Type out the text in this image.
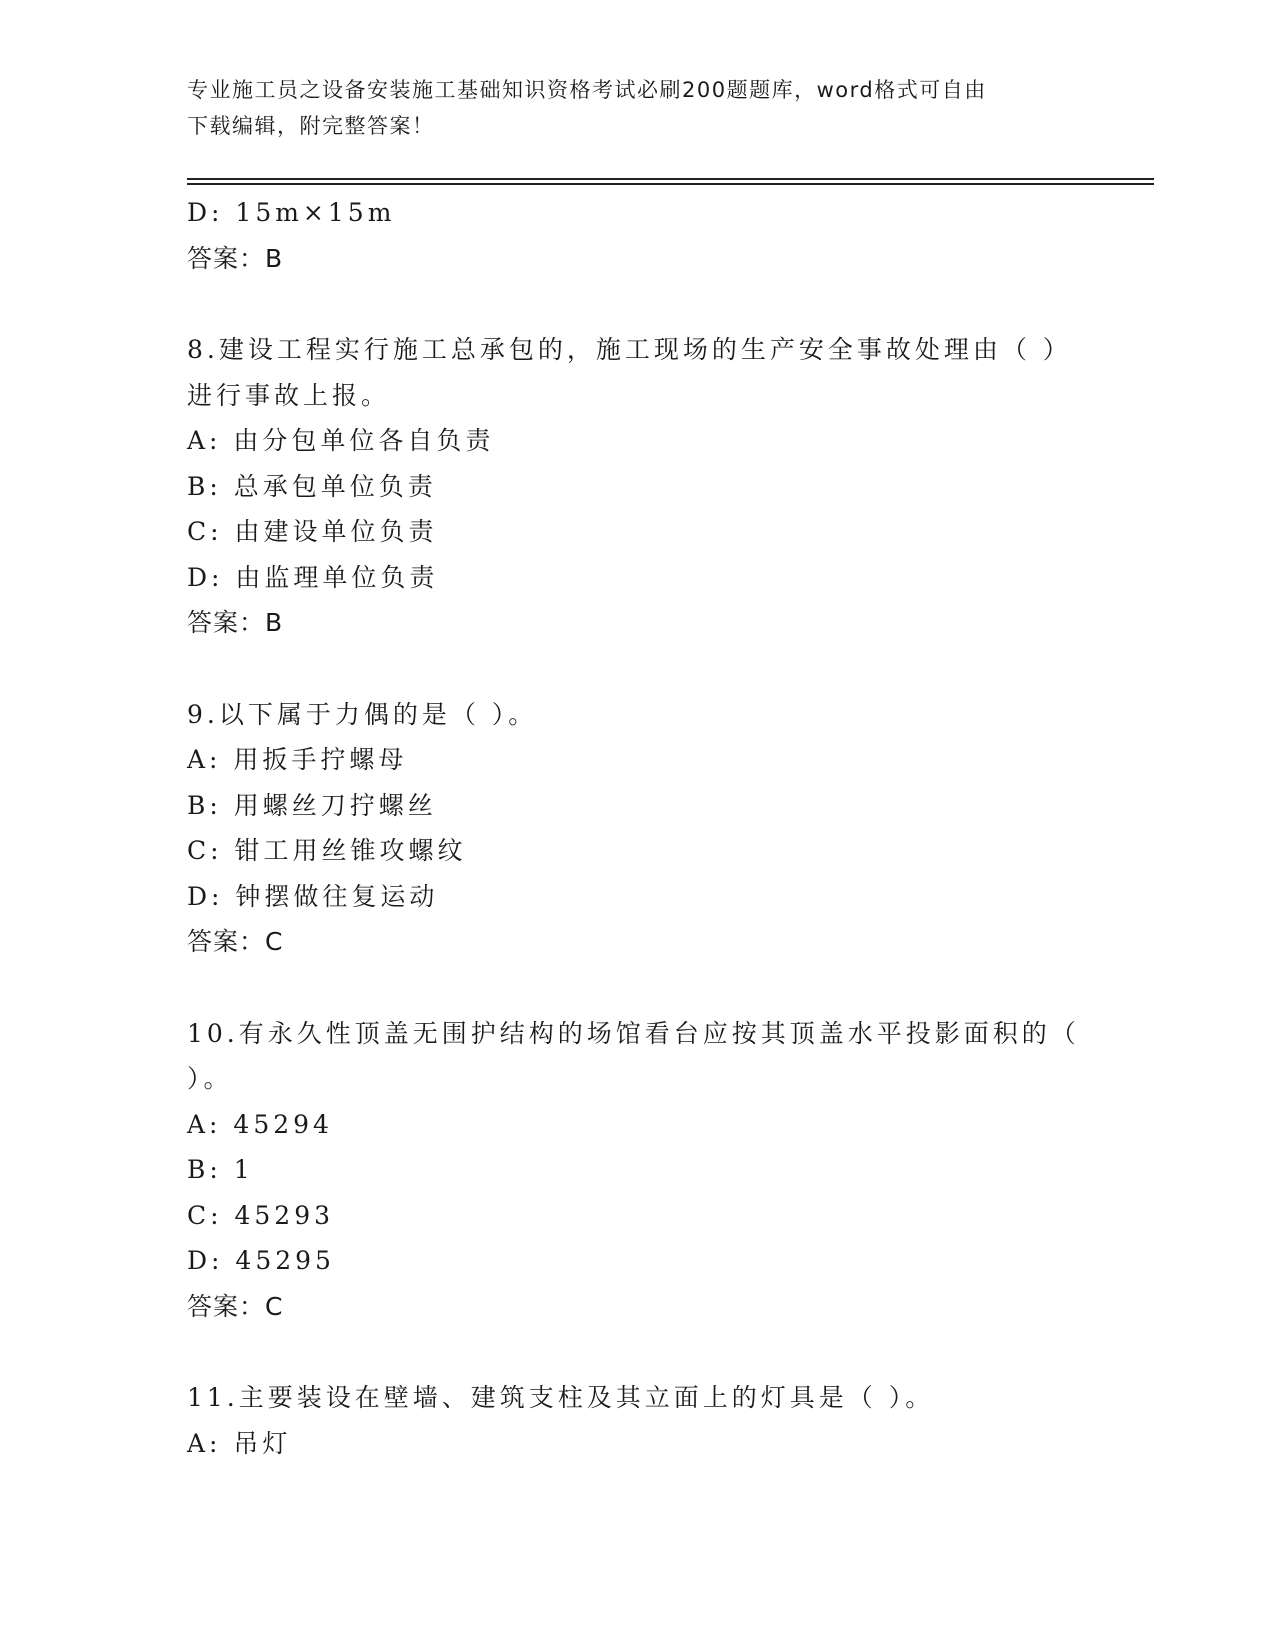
专业施工员之设备安装施工基础知识资格考试必刷200题题库，word格式可自由

下载编辑，附完整答案！

D: 15m×15m
答案：B
8.建设工程实行施工总承包的，施工现场的生产安全事故处理由（ ）
进行事故上报。
A: 由分包单位各自负责
B: 总承包单位负责
C: 由建设单位负责
D: 由监理单位负责
答案：B
9.以下属于力偶的是（ ）。
A: 用扳手拧螺母
B: 用螺丝刀拧螺丝
C: 钳工用丝锥攻螺纹
D: 钟摆做往复运动
答案：C
10.有永久性顶盖无围护结构的场馆看台应按其顶盖水平投影面积的（
）。
A: 45294
B: 1
C: 45293
D: 45295
答案：C
11.主要装设在壁墙、建筑支柱及其立面上的灯具是（ ）。
A: 吊灯
